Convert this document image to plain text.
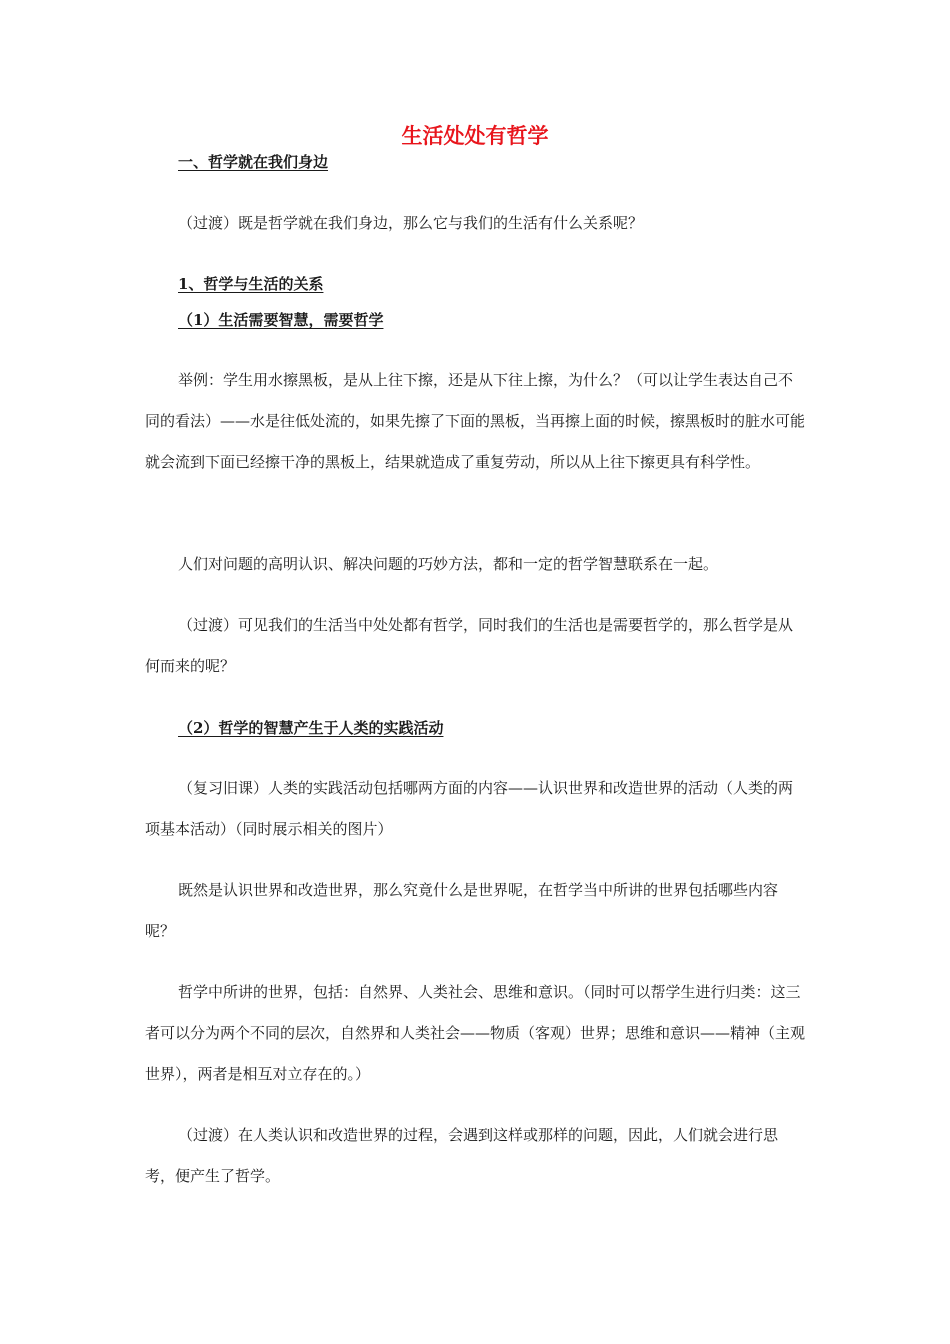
生活处处有哲学
一、哲学就在我们身边

（过渡）既是哲学就在我们身边，那么它与我们的生活有什么关系呢？

1、哲学与生活的关系
（1）生活需要智慧，需要哲学

举例：学生用水擦黑板，是从上往下擦，还是从下往上擦，为什么？（可以让学生表达自己不同的看法）——水是往低处流的，如果先擦了下面的黑板，当再擦上面的时候，擦黑板时的脏水可能就会流到下面已经擦干净的黑板上，结果就造成了重复劳动，所以从上往下擦更具有科学性。

人们对问题的高明认识、解决问题的巧妙方法，都和一定的哲学智慧联系在一起。

（过渡）可见我们的生活当中处处都有哲学，同时我们的生活也是需要哲学的，那么哲学是从何而来的呢？

（2）哲学的智慧产生于人类的实践活动

（复习旧课）人类的实践活动包括哪两方面的内容——认识世界和改造世界的活动（人类的两项基本活动）（同时展示相关的图片）

既然是认识世界和改造世界，那么究竟什么是世界呢，在哲学当中所讲的世界包括哪些内容呢？

哲学中所讲的世界，包括：自然界、人类社会、思维和意识。（同时可以帮学生进行归类：这三者可以分为两个不同的层次，自然界和人类社会——物质（客观）世界；思维和意识——精神（主观世界），两者是相互对立存在的。）

（过渡）在人类认识和改造世界的过程，会遇到这样或那样的问题，因此，人们就会进行思考，便产生了哲学。
